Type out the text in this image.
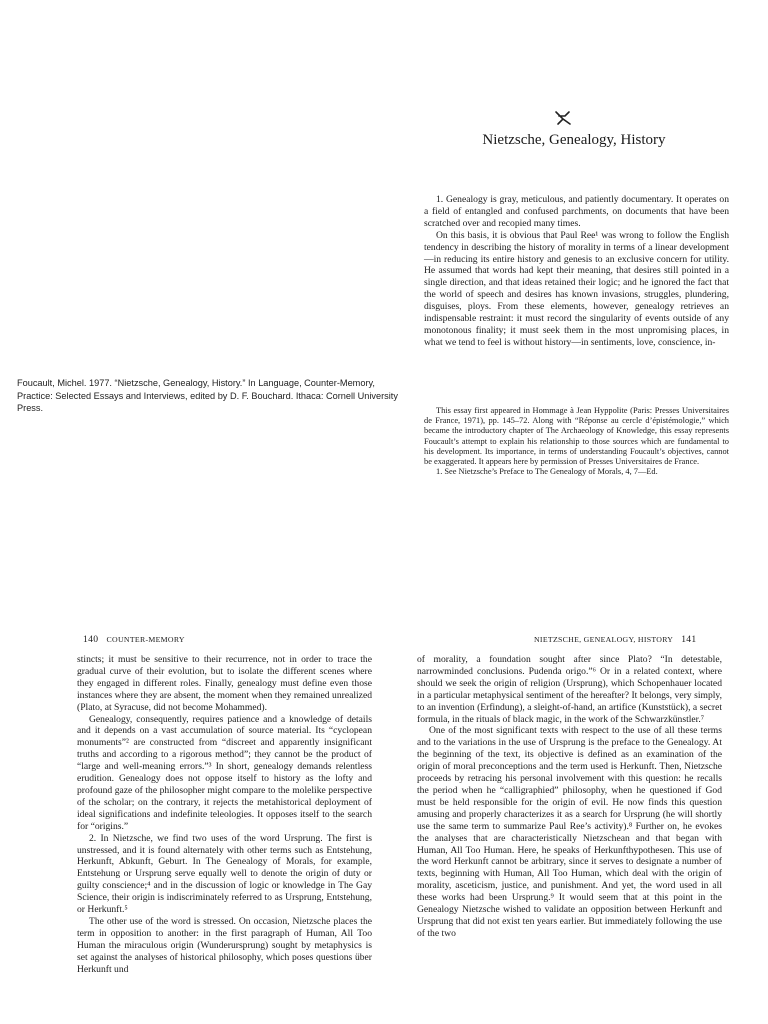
Nietzsche, Genealogy, History
Foucault, Michel. 1977. “Nietzsche, Genealogy, History.” In Language, Counter-Memory, Practice: Selected Essays and Interviews, edited by D. F. Bouchard. Ithaca: Cornell University Press.

1. Genealogy is gray, meticulous, and patiently documentary. It operates on a field of entangled and confused parchments, on documents that have been scratched over and recopied many times.

On this basis, it is obvious that Paul Ree¹ was wrong to follow the English tendency in describing the history of morality in terms of a linear development—in reducing its entire history and genesis to an exclusive concern for utility. He assumed that words had kept their meaning, that desires still pointed in a single direction, and that ideas retained their logic; and he ignored the fact that the world of speech and desires has known invasions, struggles, plundering, disguises, ploys. From these elements, however, genealogy retrieves an indispensable restraint: it must record the singularity of events outside of any monotonous finality; it must seek them in the most unpromising places, in what we tend to feel is without history—in sentiments, love, conscience, in-

This essay first appeared in Hommage à Jean Hyppolite (Paris: Presses Universitaires de France, 1971), pp. 145–72. Along with “Réponse au cercle d’épistémologie,” which became the introductory chapter of The Archaeology of Knowledge, this essay represents Foucault’s attempt to explain his relationship to those sources which are fundamental to his development. Its importance, in terms of understanding Foucault’s objectives, cannot be exaggerated. It appears here by permission of Presses Universitaires de France.

1. See Nietzsche’s Preface to The Genealogy of Morals, 4, 7—Ed.

140 COUNTER-MEMORY

stincts; it must be sensitive to their recurrence, not in order to trace the gradual curve of their evolution, but to isolate the different scenes where they engaged in different roles. Finally, genealogy must define even those instances where they are absent, the moment when they remained unrealized (Plato, at Syracuse, did not become Mohammed).

Genealogy, consequently, requires patience and a knowledge of details and it depends on a vast accumulation of source material. Its “cyclopean monuments”² are constructed from “discreet and apparently insignificant truths and according to a rigorous method”; they cannot be the product of “large and well-meaning errors.”³ In short, genealogy demands relentless erudition. Genealogy does not oppose itself to history as the lofty and profound gaze of the philosopher might compare to the molelike perspective of the scholar; on the contrary, it rejects the metahistorical deployment of ideal significations and indefinite teleologies. It opposes itself to the search for “origins.”

2. In Nietzsche, we find two uses of the word Ursprung. The first is unstressed, and it is found alternately with other terms such as Entstehung, Herkunft, Abkunft, Geburt. In The Genealogy of Morals, for example, Entstehung or Ursprung serve equally well to denote the origin of duty or guilty conscience;⁴ and in the discussion of logic or knowledge in The Gay Science, their origin is indiscriminately referred to as Ursprung, Entstehung, or Herkunft.⁵

The other use of the word is stressed. On occasion, Nietzsche places the term in opposition to another: in the first paragraph of Human, All Too Human the miraculous origin (Wunderursprung) sought by metaphysics is set against the analyses of historical philosophy, which poses questions über Herkunft und

NIETZSCHE, GENEALOGY, HISTORY 141

of morality, a foundation sought after since Plato? “In detestable, narrowminded conclusions. Pudenda origo.”⁶ Or in a related context, where should we seek the origin of religion (Ursprung), which Schopenhauer located in a particular metaphysical sentiment of the hereafter? It belongs, very simply, to an invention (Erfindung), a sleight-of-hand, an artifice (Kunststück), a secret formula, in the rituals of black magic, in the work of the Schwarzkünstler.⁷

One of the most significant texts with respect to the use of all these terms and to the variations in the use of Ursprung is the preface to the Genealogy. At the beginning of the text, its objective is defined as an examination of the origin of moral preconceptions and the term used is Herkunft. Then, Nietzsche proceeds by retracing his personal involvement with this question: he recalls the period when he “calligraphied” philosophy, when he questioned if God must be held responsible for the origin of evil. He now finds this question amusing and properly characterizes it as a search for Ursprung (he will shortly use the same term to summarize Paul Ree’s activity).⁸ Further on, he evokes the analyses that are characteristically Nietzschean and that began with Human, All Too Human. Here, he speaks of Herkunfthypothesen. This use of the word Herkunft cannot be arbitrary, since it serves to designate a number of texts, beginning with Human, All Too Human, which deal with the origin of morality, asceticism, justice, and punishment. And yet, the word used in all these works had been Ursprung.⁹ It would seem that at this point in the Genealogy Nietzsche wished to validate an opposition between Herkunft and Ursprung that did not exist ten years earlier. But immediately following the use of the two
